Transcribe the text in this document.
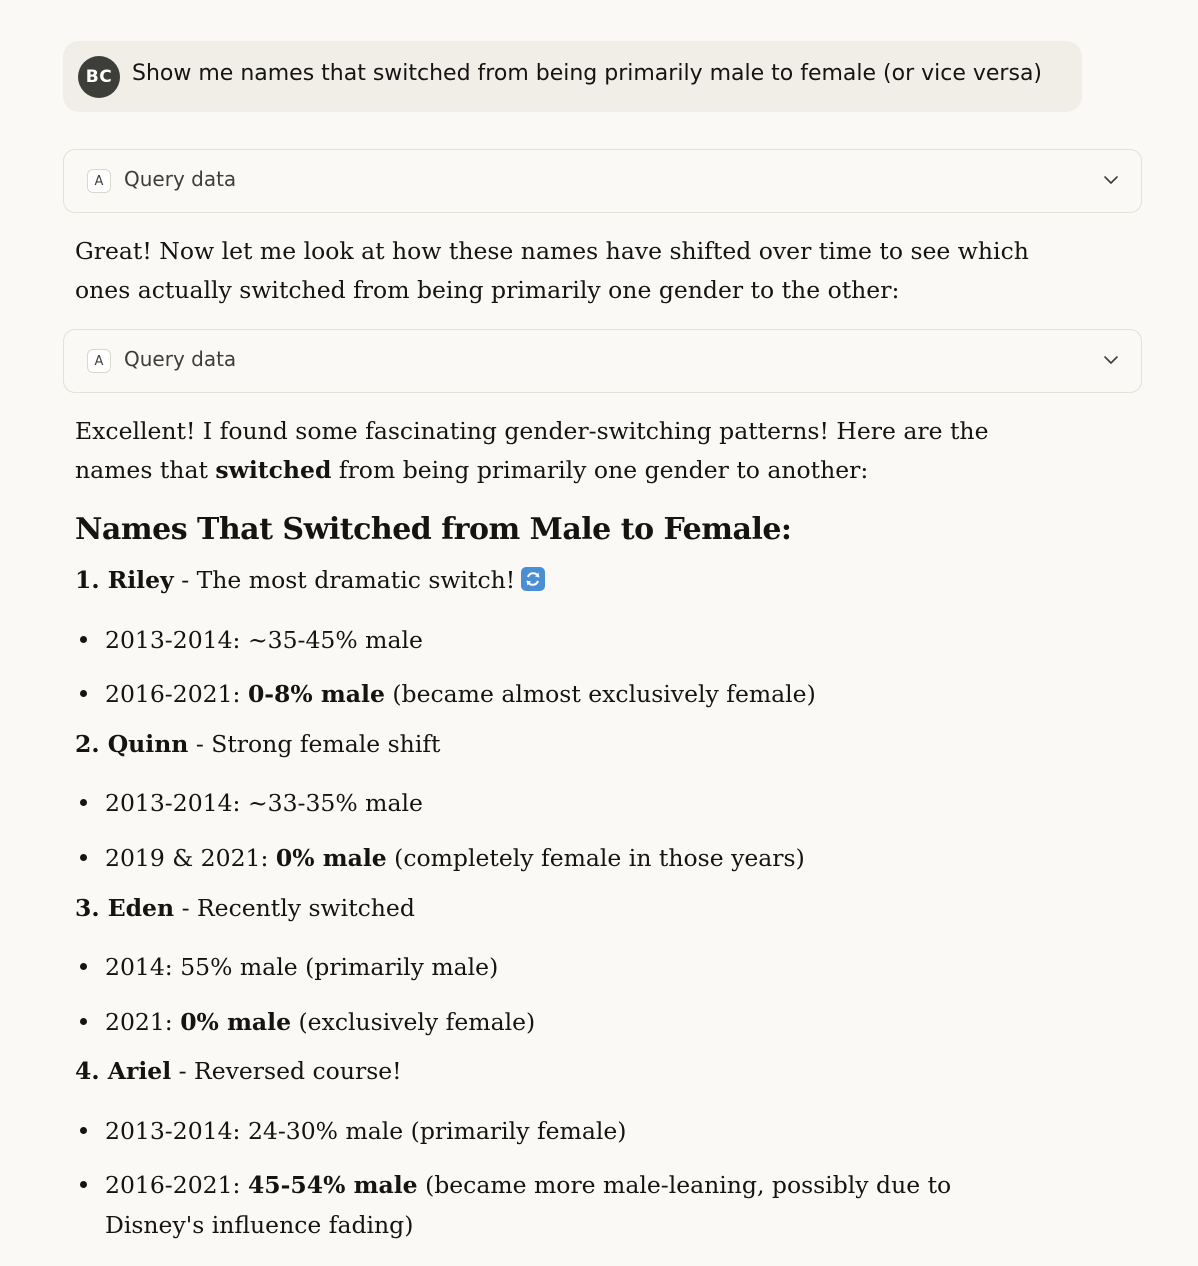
BC Show me names that switched from being primarily male to female (or vice versa)
A	Query data

Great! Now let me look at how these names have shifted over time to see which ones actually switched from being primarily one gender to the other:

A	Query data

Excellent! I found some fascinating gender-switching patterns! Here are the names that switched from being primarily one gender to another:

Names That Switched from Male to Female:

1. Riley - The most dramatic switch!

2013-2014: ~35-45% male
2016-2021: 0-8% male (became almost exclusively female)

2. Quinn - Strong female shift

2013-2014: ~33-35% male
2019 & 2021: 0% male (completely female in those years)

3. Eden - Recently switched

2014: 55% male (primarily male)
2021: 0% male (exclusively female)

4. Ariel - Reversed course!

2013-2014: 24-30% male (primarily female)
2016-2021: 45-54% male (became more male-leaning, possibly due to Disney's influence fading)
